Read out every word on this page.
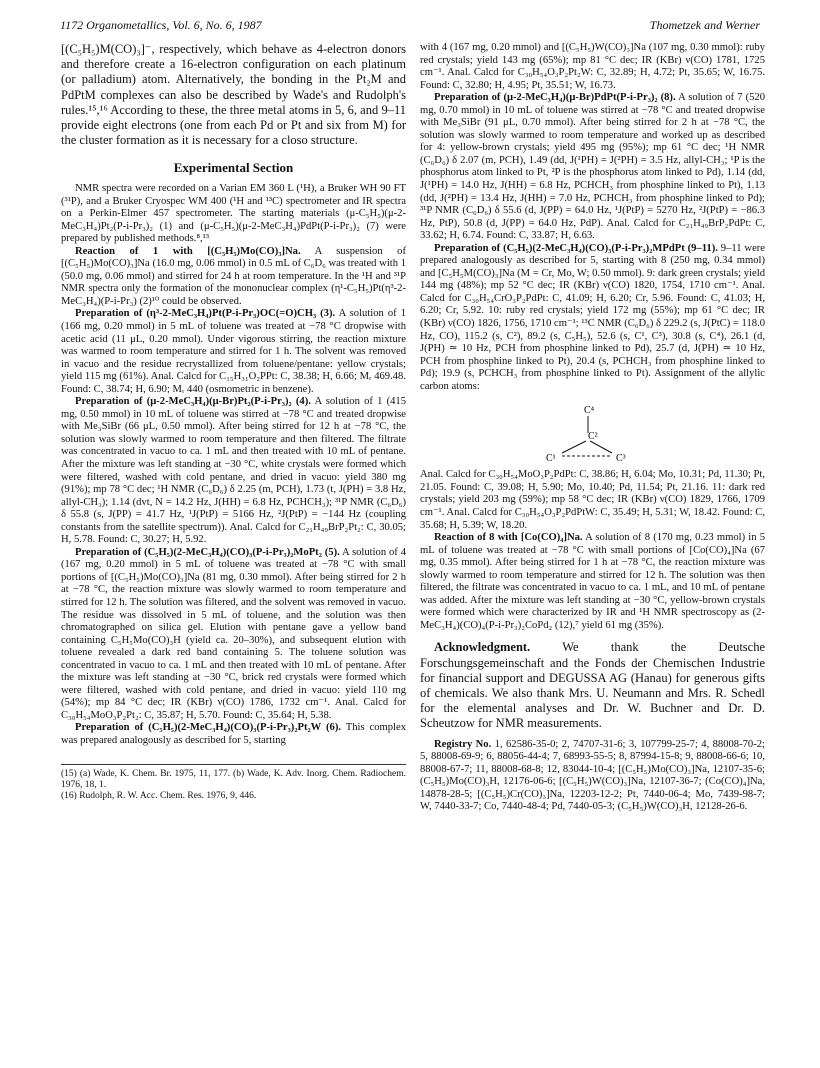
1172 Organometallics, Vol. 6, No. 6, 1987	Thometzek and Werner

[(C₅H₅)M(CO)₃]⁻, respectively, which behave as 4-electron donors and therefore create a 16-electron configuration on each platinum (or palladium) atom. Alternatively, the bonding in the Pt₂M and PdPtM complexes can also be described by Wade's and Rudolph's rules.¹⁵,¹⁶ According to these, the three metal atoms in 5, 6, and 9–11 provide eight electrons (one from each Pd or Pt and six from M) for the cluster formation as it is necessary for a closo structure.

Experimental Section

NMR spectra were recorded on a Varian EM 360 L (¹H), a Bruker WH 90 FT (³¹P), and a Bruker Cryospec WM 400 (¹H and ¹³C) spectrometer and IR spectra on a Perkin-Elmer 457 spectrometer. The starting materials (μ-C₅H₅)(μ-2-MeC₃H₄)Pt₂(P-i-Pr₃)₂ (1) and (μ-C₅H₅)(μ-2-MeC₃H₄)PdPt(P-i-Pr₃)₂ (7) were prepared by published methods.⁸,¹³

Reaction of 1 with [(C₅H₅)Mo(CO)₃]Na. A suspension of [(C₅H₅)Mo(CO)₃]Na (16.0 mg, 0.06 mmol) in 0.5 mL of C₆D₆ was treated with 1 (50.0 mg, 0.06 mmol) and stirred for 24 h at room temperature. In the ¹H and ³¹P NMR spectra only the formation of the mononuclear complex (η¹-C₅H₅)Pt(η³-2-MeC₃H₄)(P-i-Pr₃) (2)¹⁰ could be observed.

Preparation of (η³-2-MeC₃H₄)Pt(P-i-Pr₃)OC(=O)CH₃ (3). A solution of 1 (166 mg, 0.20 mmol) in 5 mL of toluene was treated at −78 °C dropwise with acetic acid (11 μL, 0.20 mmol). Under vigorous stirring, the reaction mixture was warmed to room temperature and stirred for 1 h. The solvent was removed in vacuo and the residue recrystallized from toluene/pentane: yellow crystals; yield 115 mg (61%). Anal. Calcd for C₁₅H₃₁O₂PPt: C, 38.38; H, 6.66; Mᵣ 469.48. Found: C, 38.74; H, 6.90; Mᵣ 440 (osmometric in benzene).

Preparation of (μ-2-MeC₃H₄)(μ-Br)Pt₂(P-i-Pr₃)₂ (4). A solution of 1 (415 mg, 0.50 mmol) in 10 mL of toluene was stirred at −78 °C and treated dropwise with Me₃SiBr (66 μL, 0.50 mmol). After being stirred for 12 h at −78 °C, the solution was slowly warmed to room temperature and then filtered. The filtrate was concentrated in vacuo to ca. 1 mL and then treated with 10 mL of pentane. After the mixture was left standing at −30 °C, white crystals were formed which were filtered, washed with cold pentane, and dried in vacuo: yield 380 mg (91%); mp 78 °C dec; ¹H NMR (C₆D₆) δ 2.25 (m, PCH), 1.73 (t, J(PH) = 3.8 Hz, allyl-CH₃); 1.14 (dvt, N = 14.2 Hz, J(HH) = 6.8 Hz, PCHCH₃); ³¹P NMR (C₆D₆) δ 55.8 (s, J(PP) = 41.7 Hz, ¹J(PtP) = 5166 Hz, ²J(PtP) = −144 Hz (coupling constants from the satellite spectrum)). Anal. Calcd for C₂₁H₄₉BrP₂Pt₂: C, 30.05; H, 5.78. Found: C, 30.27; H, 5.92.

Preparation of (C₅H₅)(2-MeC₃H₄)(CO)₃(P-i-Pr₃)₂MoPt₂ (5). A solution of 4 (167 mg, 0.20 mmol) in 5 mL of toluene was treated at −78 °C with small portions of [(C₅H₅)Mo(CO)₃]Na (81 mg, 0.30 mmol). After being stirred for 2 h at −78 °C, the reaction mixture was slowly warmed to room temperature and stirred for 12 h. The solution was filtered, and the solvent was removed in vacuo. The residue was dissolved in 5 mL of toluene, and the solution was then chromatographed on silica gel. Elution with pentane gave a yellow band containing C₅H₅Mo(CO)₃H (yield ca. 20–30%), and subsequent elution with toluene revealed a dark red band containing 5. The toluene solution was concentrated in vacuo to ca. 1 mL and then treated with 10 mL of pentane. After the mixture was left standing at −30 °C, brick red crystals were formed which were filtered, washed with cold pentane, and dried in vacuo: yield 110 mg (54%); mp 84 °C dec; IR (KBr) ν(CO) 1786, 1732 cm⁻¹. Anal. Calcd for C₃₀H₅₄MoO₃P₂Pt₂: C, 35.87; H, 5.70. Found: C, 35.64; H, 5.38.

Preparation of (C₅H₅)(2-MeC₃H₄)(CO)₃(P-i-Pr₃)₂Pt₂W (6). This complex was prepared analogously as described for 5, starting

(15) (a) Wade, K. Chem. Br. 1975, 11, 177. (b) Wade, K. Adv. Inorg. Chem. Radiochem. 1976, 18, 1.

(16) Rudolph, R. W. Acc. Chem. Res. 1976, 9, 446.

with 4 (167 mg, 0.20 mmol) and [(C₅H₅)W(CO)₃]Na (107 mg, 0.30 mmol): ruby red crystals; yield 143 mg (65%); mp 81 °C dec; IR (KBr) ν(CO) 1781, 1725 cm⁻¹. Anal. Calcd for C₃₀H₅₄O₃P₂Pt₂W: C, 32.89; H, 4.72; Pt, 35.65; W, 16.75. Found: C, 32.80; H, 4.95; Pt, 35.51; W, 16.73.

Preparation of (μ-2-MeC₃H₄)(μ-Br)PdPt(P-i-Pr₃)₂ (8). A solution of 7 (520 mg, 0.70 mmol) in 10 mL of toluene was stirred at −78 °C and treated dropwise with Me₃SiBr (91 μL, 0.70 mmol). After being stirred for 2 h at −78 °C, the solution was slowly warmed to room temperature and worked up as described for 4: yellow-brown crystals; yield 495 mg (95%); mp 61 °C dec; ¹H NMR (C₆D₆) δ 2.07 (m, PCH), 1.49 (dd, J(¹PH) = J(²PH) = 3.5 Hz, allyl-CH₃; ¹P is the phosphorus atom linked to Pt, ²P is the phosphorus atom linked to Pd), 1.14 (dd, J(¹PH) = 14.0 Hz, J(HH) = 6.8 Hz, PCHCH₃ from phosphine linked to Pt), 1.13 (dd, J(²PH) = 13.4 Hz, J(HH) = 7.0 Hz, PCHCH₃ from phosphine linked to Pd); ³¹P NMR (C₆D₆) δ 55.6 (d, J(PP) = 64.0 Hz, ¹J(PtP) = 5270 Hz, ²J(PtP) = −86.3 Hz, PtP), 50.8 (d, J(PP) = 64.0 Hz, PdP). Anal. Calcd for C₂₁H₄₉BrP₂PdPt: C, 33.62; H, 6.74. Found: C, 33.87; H, 6.63.

Preparation of (C₅H₅)(2-MeC₃H₄)(CO)₃(P-i-Pr₃)₂MPdPt (9–11). 9–11 were prepared analogously as described for 5, starting with 8 (250 mg, 0.34 mmol) and [C₅H₅M(CO)₃]Na (M = Cr, Mo, W; 0.50 mmol). 9: dark green crystals; yield 144 mg (48%); mp 52 °C dec; IR (KBr) ν(CO) 1820, 1754, 1710 cm⁻¹. Anal. Calcd for C₃₀H₅₄CrO₃P₂PdPt: C, 41.09; H, 6.20; Cr, 5.96. Found: C, 41.03; H, 6.20; Cr, 5.92. 10: ruby red crystals; yield 172 mg (55%); mp 61 °C dec; IR (KBr) ν(CO) 1826, 1756, 1710 cm⁻¹; ¹³C NMR (C₆D₆) δ 229.2 (s, J(PtC) = 118.0 Hz, CO), 115.2 (s, C²), 89.2 (s, C₅H₅), 52.6 (s, C¹, C³), 30.8 (s, C⁴), 26.1 (d, J(PH) ≃ 10 Hz, PCH from phosphine linked to Pd), 25.7 (d, J(PH) ≃ 10 Hz, PCH from phosphine linked to Pt), 20.4 (s, PCHCH₃ from phosphine linked to Pd); 19.9 (s, PCHCH₃ from phosphine linked to Pt). Assignment of the allylic carbon atoms:

C⁴
C²
C¹	C³

Anal. Calcd for C₃₀H₅₄MoO₃P₂PdPt: C, 38.86; H, 6.04; Mo, 10.31; Pd, 11.30; Pt, 21.05. Found: C, 39.08; H, 5.90; Mo, 10.40; Pd, 11.54; Pt, 21.16. 11: dark red crystals; yield 203 mg (59%); mp 58 °C dec; IR (KBr) ν(CO) 1829, 1766, 1709 cm⁻¹. Anal. Calcd for C₃₀H₅₄O₃P₂PdPtW: C, 35.49; H, 5.31; W, 18.42. Found: C, 35.68; H, 5.39; W, 18.20.

Reaction of 8 with [Co(CO)₄]Na. A solution of 8 (170 mg, 0.23 mmol) in 5 mL of toluene was treated at −78 °C with small portions of [Co(CO)₄]Na (67 mg, 0.35 mmol). After being stirred for 1 h at −78 °C, the reaction mixture was slowly warmed to room temperature and stirred for 12 h. The solution was then filtered, the filtrate was concentrated in vacuo to ca. 1 mL, and 10 mL of pentane was added. After the mixture was left standing at −30 °C, yellow-brown crystals were formed which were characterized by IR and ¹H NMR spectroscopy as (2-MeC₃H₄)(CO)₄(P-i-Pr₃)₂CoPd₂ (12),⁷ yield 61 mg (35%).

Acknowledgment. We thank the Deutsche Forschungsgemeinschaft and the Fonds der Chemischen Industrie for financial support and DEGUSSA AG (Hanau) for generous gifts of chemicals. We also thank Mrs. U. Neumann and Mrs. R. Schedl for the elemental analyses and Dr. W. Buchner and Dr. D. Scheutzow for NMR measurements.

Registry No. 1, 62586-35-0; 2, 74707-31-6; 3, 107799-25-7; 4, 88008-70-2; 5, 88008-69-9; 6, 88056-44-4; 7, 68993-55-5; 8, 87994-15-8; 9, 88008-66-6; 10, 88008-67-7; 11, 88008-68-8; 12, 83044-10-4; [(C₅H₅)Mo(CO)₃]Na, 12107-35-6; (C₅H₅)Mo(CO)₃H, 12176-06-6; [(C₅H₅)W(CO)₃]Na, 12107-36-7; (Co(CO)₄]Na, 14878-28-5; [(C₅H₅)Cr(CO)₃]Na, 12203-12-2; Pt, 7440-06-4; Mo, 7439-98-7; W, 7440-33-7; Co, 7440-48-4; Pd, 7440-05-3; (C₅H₅)W(CO)₃H, 12128-26-6.
